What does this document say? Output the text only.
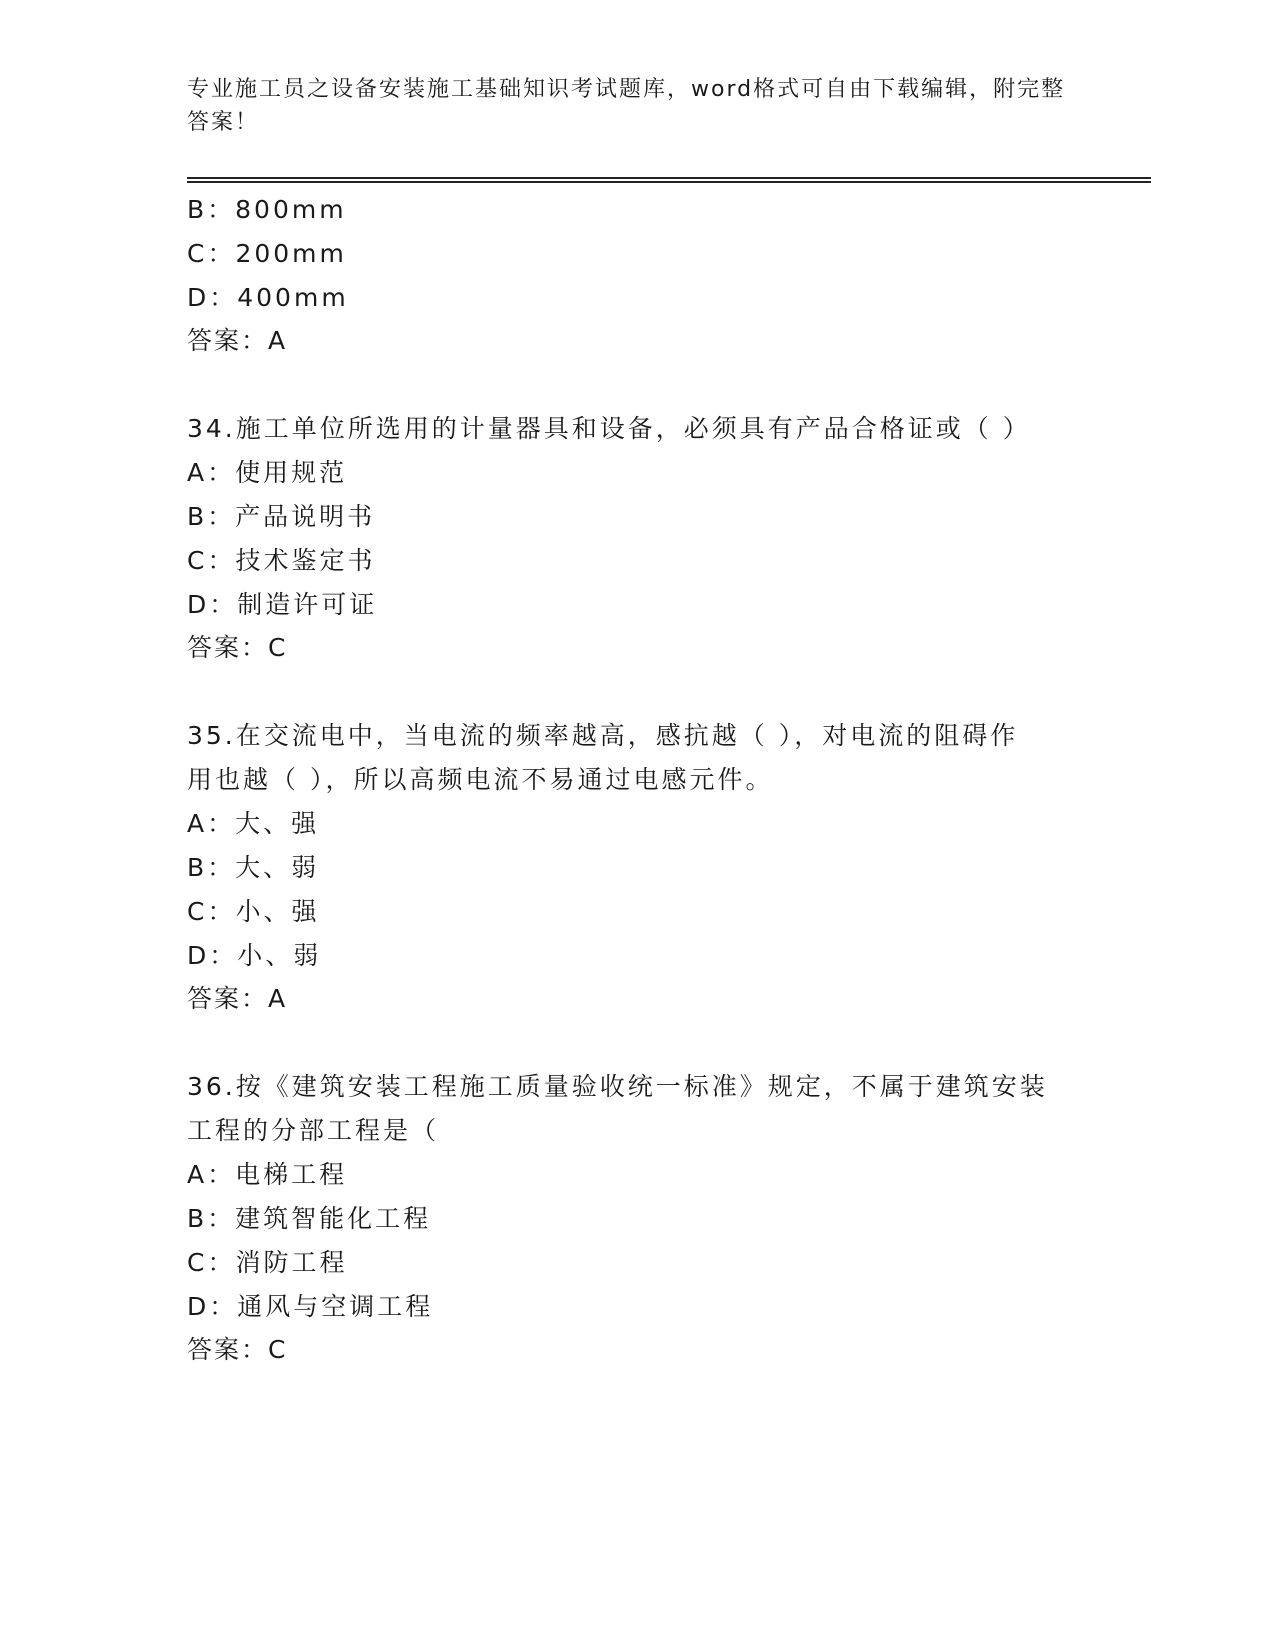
专业施工员之设备安装施工基础知识考试题库，word格式可自由下载编辑，附完整答案！
B：800mm
C：200mm
D：400mm
答案：A
34.施工单位所选用的计量器具和设备，必须具有产品合格证或（ ）
A：使用规范
B：产品说明书
C：技术鉴定书
D：制造许可证
答案：C
35.在交流电中，当电流的频率越高，感抗越（ ），对电流的阻碍作
用也越（ ），所以高频电流不易通过电感元件。
A：大、强
B：大、弱
C：小、强
D：小、弱
答案：A
36.按《建筑安装工程施工质量验收统一标准》规定，不属于建筑安装
工程的分部工程是（
A：电梯工程
B：建筑智能化工程
C：消防工程
D：通风与空调工程
答案：C
